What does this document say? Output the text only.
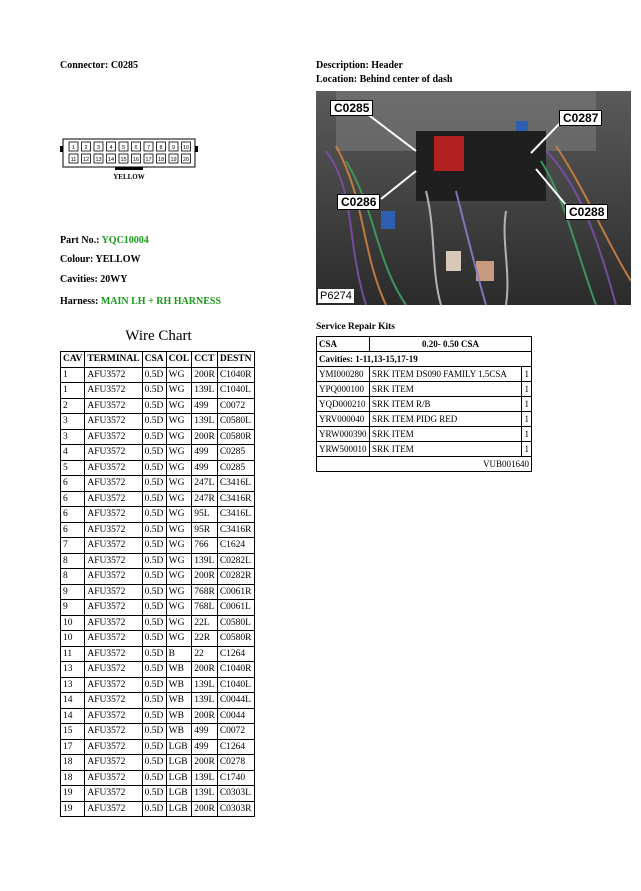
Connector: C0285	Description: Header
Location: Behind center of dash
1 2 3 4 5 6 7 8 9 10
11 12 13 14 15 16 17 18 19 20
YELLOW
Part No.: YQC10004
Colour: YELLOW
Cavities: 20WY
Harness: MAIN LH + RH HARNESS
C0285
C0287
C0286
C0288
P6274
Wire Chart
CAV	TERMINAL	CSA	COL	CCT	DESTN
1	AFU3572	0.5D	WG	200R	C1040R
1	AFU3572	0.5D	WG	139L	C1040L
2	AFU3572	0.5D	WG	499	C0072
3	AFU3572	0.5D	WG	139L	C0580L
3	AFU3572	0.5D	WG	200R	C0580R
4	AFU3572	0.5D	WG	499	C0285
5	AFU3572	0.5D	WG	499	C0285
6	AFU3572	0.5D	WG	247L	C3416L
6	AFU3572	0.5D	WG	247R	C3416R
6	AFU3572	0.5D	WG	95L	C3416L
6	AFU3572	0.5D	WG	95R	C3416R
7	AFU3572	0.5D	WG	766	C1624
8	AFU3572	0.5D	WG	139L	C0282L
8	AFU3572	0.5D	WG	200R	C0282R
9	AFU3572	0.5D	WG	768R	C0061R
9	AFU3572	0.5D	WG	768L	C0061L
10	AFU3572	0.5D	WG	22L	C0580L
10	AFU3572	0.5D	WG	22R	C0580R
11	AFU3572	0.5D	B	22	C1264
13	AFU3572	0.5D	WB	200R	C1040R
13	AFU3572	0.5D	WB	139L	C1040L
14	AFU3572	0.5D	WB	139L	C0044L
14	AFU3572	0.5D	WB	200R	C0044
15	AFU3572	0.5D	WB	499	C0072
17	AFU3572	0.5D	LGB	499	C1264
18	AFU3572	0.5D	LGB	200R	C0278
18	AFU3572	0.5D	LGB	139L	C1740
19	AFU3572	0.5D	LGB	139L	C0303L
19	AFU3572	0.5D	LGB	200R	C0303R
Service Repair Kits
CSA	0.20- 0.50 CSA	
Cavities: 1-11,13-15,17-19		
YMI000280	SRK ITEM DS090 FAMILY 1.5CSA	1
YPQ000100	SRK ITEM	1
YQD000210	SRK ITEM R/B	1
YRV000040	SRK ITEM PIDG RED	1
YRW000390	SRK ITEM	1
YRW500010	SRK ITEM	1
VUB001640		
